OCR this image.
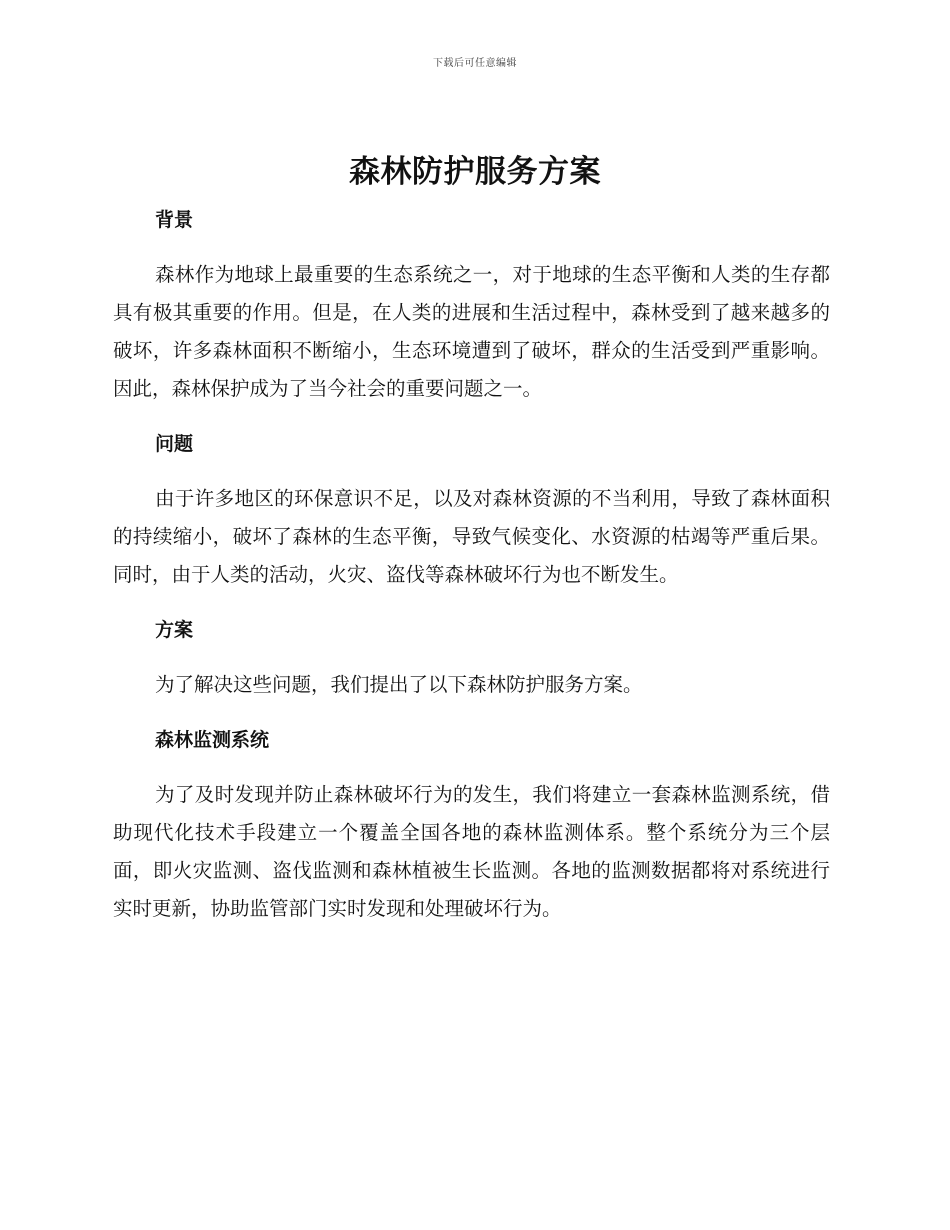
下载后可任意编辑
森林防护服务方案
背景

森林作为地球上最重要的生态系统之一，对于地球的生态平衡和人类的生存都具有极其重要的作用。但是，在人类的进展和生活过程中，森林受到了越来越多的破坏，许多森林面积不断缩小，生态环境遭到了破坏，群众的生活受到严重影响。因此，森林保护成为了当今社会的重要问题之一。

问题

由于许多地区的环保意识不足，以及对森林资源的不当利用，导致了森林面积的持续缩小，破坏了森林的生态平衡，导致气候变化、水资源的枯竭等严重后果。同时，由于人类的活动，火灾、盗伐等森林破坏行为也不断发生。

方案

为了解决这些问题，我们提出了以下森林防护服务方案。

森林监测系统

为了及时发现并防止森林破坏行为的发生，我们将建立一套森林监测系统，借助现代化技术手段建立一个覆盖全国各地的森林监测体系。整个系统分为三个层面，即火灾监测、盗伐监测和森林植被生长监测。各地的监测数据都将对系统进行实时更新，协助监管部门实时发现和处理破坏行为。
